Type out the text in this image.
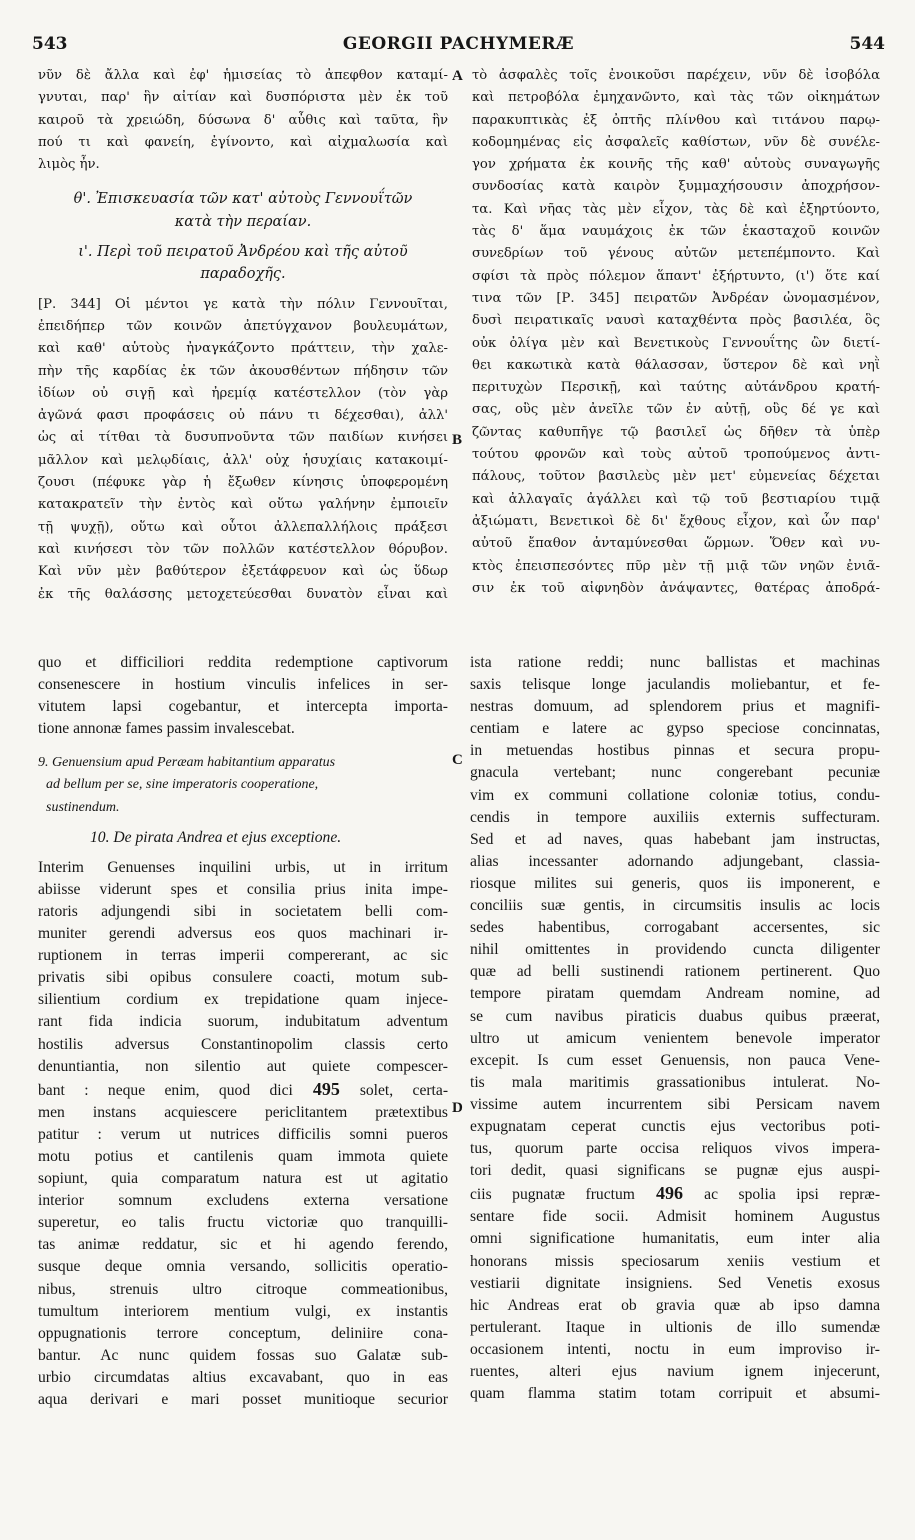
543	GEORGII PACHYMERÆ	544
νῦν δὲ ἄλλα καὶ ἐφ' ἡμισείας τὸ ἀπεφθον καταμί-
γνυται, παρ' ἣν αἰτίαν καὶ δυσπόριστα μὲν ἐκ τοῦ
καιροῦ τὰ χρειώδη, δύσωνα δ' αὖθις καὶ ταῦτα, ἣν
πού τι καὶ φανείη, ἐγίνοντο, καὶ αἰχμαλωσία καὶ
λιμὸς ἦν.
θ'. Ἐπισκευασία τῶν κατ' αὐτοὺς Γεννουΐτῶν
κατὰ τὴν περαίαν.
ι'. Περὶ τοῦ πειρατοῦ Ἀνδρέου καὶ τῆς αὐτοῦ
παραδοχῆς.
[Ρ. 344] Οἱ μέντοι γε κατὰ τὴν πόλιν Γεννουῖται,
ἐπειδήπερ τῶν κοινῶν ἀπετύγχανον βουλευμάτων,
καὶ καθ' αὑτοὺς ἠναγκάζοντο πράττειν, τὴν χαλε-
πὴν τῆς καρδίας ἐκ τῶν ἀκουσθέντων πήδησιν τῶν
ἰδίων οὐ σιγῇ καὶ ἠρεμίᾳ κατέστελλον (τὸν γὰρ
ἀγῶνά φασι προφάσεις οὐ πάνυ τι δέχεσθαι), ἀλλ'
ὡς αἱ τίτθαι τὰ δυσυπνοῦντα τῶν παιδίων κινήσει
μᾶλλον καὶ μελῳδίαις, ἀλλ' οὐχ ἡσυχίαις κατακοιμί-
ζουσι (πέφυκε γὰρ ἡ ἔξωθεν κίνησις ὑποφερομένη
κατακρατεῖν τὴν ἐντὸς καὶ οὕτω γαλήνην ἐμποιεῖν
τῇ ψυχῇ), οὕτω καὶ οὗτοι ἀλλεπαλλήλοις πράξεσι
καὶ κινήσεσι τὸν τῶν πολλῶν κατέστελλον θόρυβον.
Καὶ νῦν μὲν βαθύτερον ἐξετάφρευον καὶ ὡς ὕδωρ
ἐκ τῆς θαλάσσης μετοχετεύεσθαι δυνατὸν εἶναι καὶ
τὸ ἀσφαλὲς τοῖς ἐνοικοῦσι παρέχειν, νῦν δὲ ἰσοβόλα
καὶ πετροβόλα ἐμηχανῶντο, καὶ τὰς τῶν οἰκημάτων
παρακυπτικὰς ἐξ ὀπτῆς πλίνθου καὶ τιτάνου παρῳ-
κοδομημένας εἰς ἀσφαλεῖς καθίστων, νῦν δὲ συνέλε-
γον χρήματα ἐκ κοινῆς τῆς καθ' αὑτοὺς συναγωγῆς
συνδοσίας κατὰ καιρὸν ξυμμαχήσουσιν ἀποχρήσον-
τα. Καὶ νῆας τὰς μὲν εἶχον, τὰς δὲ καὶ ἐξηρτύοντο,
τὰς δ' ἅμα ναυμάχοις ἐκ τῶν ἑκασταχοῦ κοινῶν
συνεδρίων τοῦ γένους αὐτῶν μετεπέμποντο. Καὶ
σφίσι τὰ πρὸς πόλεμον ἅπαντ' ἐξήρτυντο, (ι') ὅτε καί
τινα τῶν [Ρ. 345] πειρατῶν Ἀνδρέαν ὠνομασμένον,
δυσὶ πειρατικαῖς ναυσὶ καταχθέντα πρὸς βασιλέα, ὃς
οὐκ ὀλίγα μὲν καὶ Βενετικοὺς Γεννουΐτης ὢν διετί-
θει κακωτικὰ κατὰ θάλασσαν, ὕστερον δὲ καὶ νηῒ
περιτυχὼν Περσικῇ, καὶ ταύτης αὐτάνδρου κρατή-
σας, οὓς μὲν ἀνεῖλε τῶν ἐν αὐτῇ, οὓς δέ γε καὶ
ζῶντας καθυπῆγε τῷ βασιλεῖ ὡς δῆθεν τὰ ὑπὲρ
τούτου φρονῶν καὶ τοὺς αὐτοῦ τροπούμενος ἀντι-
πάλους, τοῦτον βασιλεὺς μὲν μετ' εὐμενείας δέχεται
καὶ ἀλλαγαῖς ἀγάλλει καὶ τῷ τοῦ βεστιαρίου τιμᾷ
ἀξιώματι, Βενετικοὶ δὲ δι' ἔχθους εἶχον, καὶ ὧν παρ'
αὐτοῦ ἔπαθον ἀνταμύνεσθαι ὥρμων. Ὅθεν καὶ νυ-
κτὸς ἐπεισπεσόντες πῦρ μὲν τῇ μιᾷ τῶν νηῶν ἐνιᾶ-
σιν ἐκ τοῦ αἰφνηδὸν ἀνάψαντες, θατέρας ἀποδρά-
quo et difficiliori reddita redemptione captivorum
consenescere in hostium vinculis infelices in ser-
vitutem lapsi cogebantur, et intercepta importa-
tione annonæ fames passim invalescebat.
9. Genuensium apud Peræam habitantium apparatus
ad bellum per se, sine imperatoris cooperatione,
sustinendum.
10. De pirata Andrea et ejus exceptione.
Interim Genuenses inquilini urbis, ut in irritum
abiisse viderunt spes et consilia prius inita impe-
ratoris adjungendi sibi in societatem belli com-
muniter gerendi adversus eos quos machinari ir-
ruptionem in terras imperii compererant, ac sic
privatis sibi opibus consulere coacti, motum sub-
silientium cordium ex trepidatione quam injece-
rant fida indicia suorum, indubitatum adventum
hostilis adversus Constantinopolim classis certo
denuntiantia, non silentio aut quiete compescer-
bant : neque enim, quod dici 495 solet, certa-
men instans acquiescere periclitantem prætextibus
patitur : verum ut nutrices difficilis somni pueros
motu potius et cantilenis quam immota quiete
sopiunt, quia comparatum natura est ut agitatio
interior somnum excludens externa versatione
superetur, eo talis fructu victoriæ quo tranquilli-
tas animæ reddatur, sic et hi agendo ferendo,
susque deque omnia versando, sollicitis operatio-
nibus, strenuis ultro citroque commeationibus,
tumultum interiorem mentium vulgi, ex instantis
oppugnationis terrore conceptum, deliniire cona-
bantur. Ac nunc quidem fossas suo Galatæ sub-
urbio circumdatas altius excavabant, quo in eas
aqua derivari e mari posset munitioque securior
ista ratione reddi; nunc ballistas et machinas
saxis telisque longe jaculandis moliebantur, et fe-
nestras domuum, ad splendorem prius et magnifi-
centiam e latere ac gypso speciose concinnatas,
in metuendas hostibus pinnas et secura propu-
gnacula vertebant; nunc congerebant pecuniæ
vim ex communi collatione coloniæ totius, condu-
cendis in tempore auxiliis externis suffecturam.
Sed et ad naves, quas habebant jam instructas,
alias incessanter adornando adjungebant, classia-
riosque milites sui generis, quos iis imponerent, e
conciliis suæ gentis, in circumsitis insulis ac locis
sedes habentibus, corrogabant accersentes, sic
nihil omittentes in providendo cuncta diligenter
quæ ad belli sustinendi rationem pertinerent. Quo
tempore piratam quemdam Andream nomine, ad
se cum navibus piraticis duabus quibus præerat,
ultro ut amicum venientem benevole imperator
excepit. Is cum esset Genuensis, non pauca Vene-
tis mala maritimis grassationibus intulerat. No-
vissime autem incurrentem sibi Persicam navem
expugnatam ceperat cunctis ejus vectoribus poti-
tus, quorum parte occisa reliquos vivos impera-
tori dedit, quasi significans se pugnæ ejus auspi-
ciis pugnatæ fructum 496 ac spolia ipsi repræ-
sentare fide socii. Admisit hominem Augustus
omni significatione humanitatis, eum inter alia
honorans missis speciosarum xeniis vestium et
vestiarii dignitate insigniens. Sed Venetis exosus
hic Andreas erat ob gravia quæ ab ipso damna
pertulerant. Itaque in ultionis de illo sumendæ
occasionem intenti, noctu in eum improviso ir-
ruentes, alteri ejus navium ignem injecerunt,
quam flamma statim totam corripuit et absumi-
A
B
C
D
